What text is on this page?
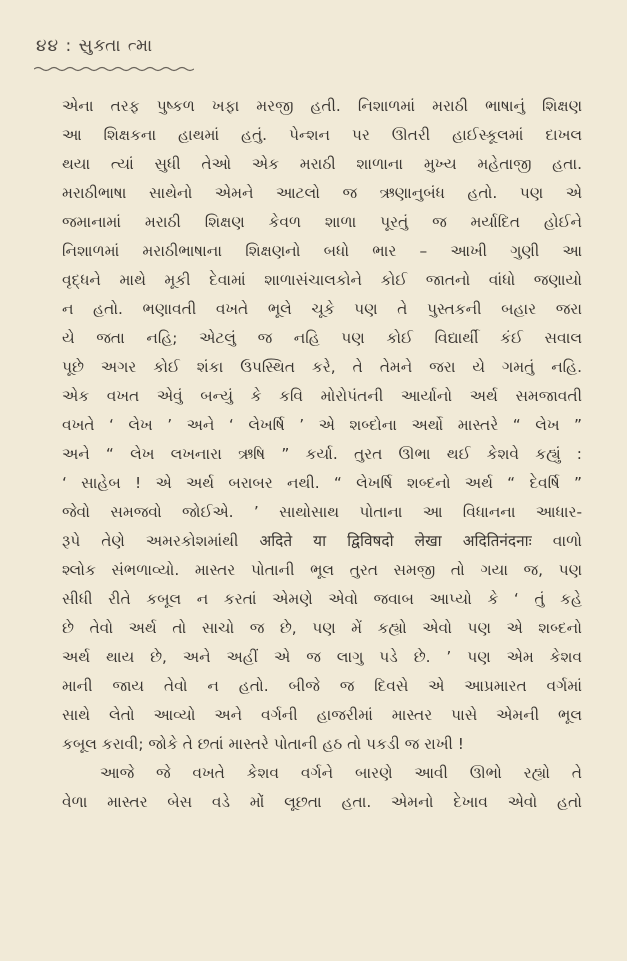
૪૪ : સુક્તા ત્મા
એના તરફ પુષ્કળ ખફા મરજી હતી. નિશાળમાં મરાઠી ભાષાનું શિક્ષણ
આ શિક્ષકના હાથમાં હતું. પેન્શન પર ઊતરી હાઈસ્કૂલમાં દાખલ
થયા ત્યાં સુધી તેઓ એક મરાઠી શાળાના મુખ્ય મહેતાજી હતા.
મરાઠીભાષા સાથેનો એમને આટલો જ ઋણાનુબંધ હતો. પણ એ
જમાનામાં મરાઠી શિક્ષણ કેવળ શાળા પૂરતું જ મર્યાદિત હોઈને
નિશાળમાં મરાઠીભાષાના શિક્ષણનો બધો ભાર – આખી ગુણી આ
વૃદ્ધને માથે મૂકી દેવામાં શાળાસંચાલકોને કોઈ જાતનો વાંધો જણાયો
ન હતો. ભણાવતી વખતે ભૂલે ચૂકે પણ તે પુસ્તકની બહાર જરા
યે જતા નહિ; એટલું જ નહિ પણ કોઈ વિદ્યાર્થી કંઈ સવાલ
પૂછે અગર કોઈ શંકા ઉપસ્થિત કરે, તે તેમને જરા યે ગમતું નહિ.
એક વખત એવું બન્યું કે કવિ મોરોપંતની આર્યાનો અર્થ સમજાવતી
વખતે ‘ લેખ ’ અને ‘ લેખર્ષિ ’ એ શબ્દોના અર્થો માસ્તરે “ લેખ ”
અને “ લેખ લખનારા ઋષિ ” કર્યા. તુરત ઊભા થઈ કેશવે કહ્યું :
‘ સાહેબ ! એ અર્થ બરાબર નથી. “ લેખર્ષિ શબ્દનો અર્થ “ દેવર્ષિ ”
જેવો સમજવો જોઈએ. ’ સાથોસાથ પોતાના આ વિધાનના આધાર-
રૂપે તેણે અમરકોશમાંથી अदिते या द्विविषदो लेखा अदितिनंदनाः વાળો
શ્લોક સંભળાવ્યો. માસ્તર પોતાની ભૂલ તુરત સમજી તો ગયા જ, પણ
સીધી રીતે કબૂલ ન કરતાં એમણે એવો જવાબ આપ્યો કે ‘ તું કહે
છે તેવો અર્થ તો સાચો જ છે, પણ મેં કહ્યો એવો પણ એ શબ્દનો
અર્થ થાય છે, અને અહીં એ જ લાગુ પડે છે. ’ પણ એમ કેશવ
માની જાય તેવો ન હતો. બીજે જ દિવસે એ આપ્રમારત વર્ગમાં
સાથે લેતો આવ્યો અને વર્ગની હાજરીમાં માસ્તર પાસે એમની ભૂલ
કબૂલ કરાવી; જોકે તે છતાં માસ્તરે પોતાની હઠ તો પકડી જ રાખી !
આજે જે વખતે કેશવ વર્ગને બારણે આવી ઊભો રહ્યો તે
વેળા માસ્તર બેસ વડે મોં લૂછતા હતા. એમનો દેખાવ એવો હતો
